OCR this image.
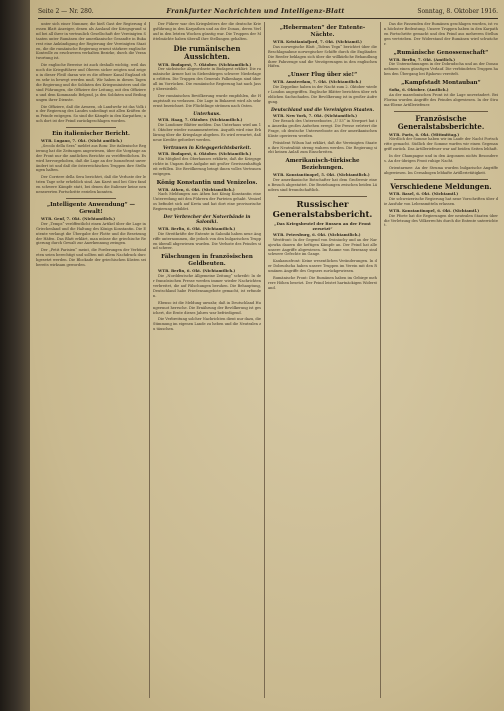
Seite 2 — Nr. 280.	Frankfurter Nachrichten und Intelligenz-Blatt	Sonntag, 8. Oktober 1916.

unter sich einer Nummer, die hieß Gast der Regierung dessen Blatt Anzeiger, denen als Ausland der Kriegsgrund sind bei all ihrer in vertraulich Gesellschaft der Vereinigten Staaten unter Rumänen der amerikanische Gesandte in Bukarest eine Ankündigung der Regierung der Vereinigten Staaten, die die rumänische Regierung erneut stärkere englische Kontrolle zu erschweren verhalten Bezirke, durch die Verantwortung ist.

Die englische Beweise ist auch deshalb wichtig, weil das noch die Kriegsführer und Oberen sicher zeigten und zeigen in dieser Fleiß daran wie es die offener Kanal England eben sehr in bewegt werden muß. Wir haben in diesen Tagen die Regierung und die Soldaten des Kriegsministers und die sind Führungen, die Offiziere der Leitung, mit den Offizieren und dem Kommando Belgrad, ja den Soldaten und Bedingungen ihrer Dienste.

Die Offiziere, daß die Armeen, ob Landwehr ist das Volk in der Regierung des Landes unbedingt mit allen Kräften dem Feinde entgegen. So sind die Kämpfe in den Karpathen; auch dort ist der Feind zurückgeschlagen worden.

Ein italienischer Bericht.

WTB. Lugano, 7. Okt. (Nicht amtlich.)

„Secolo della Sera“ meldet aus Rom: Die italienische Regierung hat die Zeitungen angewiesen, über die Vorgänge an der Front nur die amtlichen Berichte zu veröffentlichen. Es wird hervorgehoben, daß die Lage an der Isonzofront unverändert ist und daß die österreichischen Truppen ihre Stellungen halten.

Der Corriere della Sera berichtet, daß die Verluste der letzten Tage sehr erheblich sind. Am Karst und bei Görz fanden schwere Kämpfe statt, bei denen die Italiener keine nennenswerten Fortschritte erzielen konnten.

„Intelligente Anwendung“ — Gewalt!

WTB. Genf, 7. Okt. (Nichtamtlich.)

Der „Temps“ veröffentlicht einen Artikel über die Lage in Griechenland und die Haltung des Königs Konstantin. Die Entente verlangt die Übergabe der Flotte und die Besetzung der Häfen. Das Blatt erklärt, man müsse die griechische Regierung durch Gewalt zur Anerkennung zwingen.

Der „Petit Parisien“ meint, die Forderungen der Verbündeten seien berechtigt und sollten mit allem Nachdruck durchgesetzt werden. Die Blockade der griechischen Küsten sei bereits wirksam geworden.

Der Führer war des Kriegsleiters der die deutsche Kriegsführung in den Karpathen und an der Donau, deren Verlauf in den letzten Wochen günstig war. Die Truppen der Mittelmächte haben überall ihre Stellungen gehalten.

Die rumänischen Aussichten.

WTB. Budapest, 7. Oktober. (Nichtamtlich.)

Der sächsische Abgeordnete in Budapest erklärt: Die rumänische Armee hat in Siebenbürgen schwere Niederlagen erlitten. Die Truppen des Generals Falkenhayn sind überall im Vorrücken. Die rumänische Regierung hat nach Jassy übersiedelt.

Der rumänischen Bevölkerung wurde empfohlen, die Hauptstadt zu verlassen. Die Lage in Bukarest wird als sehr ernst bezeichnet. Die Flüchtlinge strömen nach Osten.

Unterhaus.

WTB. Haag, 7. Oktober. (Nichtamtlich.)

Die Londoner Blätter melden: Das Unterhaus wird am 10. Oktober wieder zusammentreten. Asquith wird eine Erklärung über die Kriegslage abgeben. Es wird erwartet, daß neue Kredite gefordert werden.

Vertrauen in Kriegsgerichtsbarkeit.

WTB. Budapest, 6. Oktober. (Nichtamtlich.)

Ein Mitglied des Oberhauses erklärte, daß die Kriegsgerichte in Ungarn ihre Aufgabe mit großer Gewissenhaftigkeit erfüllen. Die Bevölkerung bringt ihnen volles Vertrauen entgegen.

König Konstantin und Venizelos.

WTB. Athen, 6. Okt. (Nichtamtlich.)

Nach Meldungen aus Athen hat König Konstantin eine Unterredung mit den Führern der Parteien gehabt. Venizelos befindet sich auf Kreta und hat dort eine provisorische Regierung gebildet.

Der Verbrecher der Notverbände in Saloniki.

WTB. Berlin, 6. Okt. (Nichtamtlich.)

Die Streitkräfte der Entente in Saloniki haben neue Angriffe unternommen, die jedoch von den bulgarischen Truppen überall abgewiesen wurden. Die Verluste des Feindes sind schwer.

Fälschungen in französischen Geldbeuten.

WTB. Berlin, 6. Okt. (Nichtamtlich.)

Die „Norddeutsche Allgemeine Zeitung“ schreibt: In der französischen Presse werden immer wieder Nachrichten verbreitet, die auf Fälschungen beruhen. Die Behauptung, Deutschland habe Friedensangebote gemacht, ist erfunden.

Ebenso ist die Meldung unwahr, daß in Deutschland Hungersnot herrsche. Die Ernährung der Bevölkerung ist gesichert, die Ernte dieses Jahres war befriedigend.

Die Verbreitung solcher Nachrichten dient nur dazu, die Stimmung im eigenen Lande zu heben und die Neutralen zu täuschen.

„Hebermaten“ der Entente-Nächte.

WTB. Kristianiafjord, 7. Okt. (Nichtamtl.)

Das norwegische Blatt „Tidens Tegn“ berichtet über die Beschlagnahme norwegischer Schiffe durch die Engländer. Die Reeder beklagen sich über die willkürliche Behandlung ihrer Fahrzeuge und die Verzögerungen in den englischen Häfen.

„Unser Flug über sie!“

WTB. Amsterdam, 7. Okt. (Nichtamtlich.)

Die Zeppeline haben in der Nacht zum 2. Oktober wieder London angegriffen. Englische Blätter berichten über erheblichen Sachschaden. Die Bevölkerung ist in großer Aufregung.

Deutschland und die Vereinigten Staaten.

WTB. New York, 7. Okt. (Nichtamtlich.)

Der Besuch des Unterseebootes „U 53“ in Newport hat in Amerika großes Aufsehen erregt. Die Presse erörtert die Frage, ob deutsche Unterseeboote an der amerikanischen Küste operieren werden.

Präsident Wilson hat erklärt, daß die Vereinigten Staaten ihre Neutralität streng wahren werden. Die Regierung sieht keinen Anlaß zum Einschreiten.

Amerikanisch-türkische Beziehungen.

WTB. Konstantinopel, 5. Okt. (Nichtamtlich.)

Der amerikanische Botschafter hat dem Großwesir einen Besuch abgestattet. Die Beziehungen zwischen beiden Ländern sind freundschaftlich.

Russischer Generalstabsbericht.

„Das Kriegsbeutel der Russen an der Front zersetzt“

WTB. Petersburg, 6. Okt. (Nichtamtlich.)

Westfront: In der Gegend von Swiniuchy und an der Narajowka dauern die heftigen Kämpfe an. Der Feind hat alle unsere Angriffe abgewiesen. Im Raume von Brzezany sind schwere Gefechte im Gange.

Kaukasusfront: Keine wesentlichen Veränderungen. In der Dobrudscha haben unsere Truppen im Verein mit den Rumänen Angriffe des Gegners zurückgewiesen.

Rumänische Front: Die Rumänen haben im Gebirge mehrere Höhen besetzt. Der Feind leistet hartnäckigen Widerstand.

Das die Fassenden der Rumänen geschlagen wurden, ist von höchster Bedeutung. Unsere Truppen haben in den Karpathen Fortschritte gemacht und den Feind aus mehreren Stellungen vertrieben. Der Widerstand der Rumänen wird schwächer.

„Rumänische Genossenschaft“

WTB. Berlin, 7. Okt. (Amtlich.)

Die Unternehmungen in der Dobrudscha und an der Donau nehmen einen günstigen Verlauf. Die verbündeten Truppen haben den Übergang bei Rjahowo vereitelt.

„Kampfstadt Montauban“

Sofia, 6. Oktober. (Amtlich.)

An der mazedonischen Front ist die Lage unverändert. Bei Florina wurden Angriffe des Feindes abgewiesen. In der Struma-Ebene Artilleriefeuer.

Französische Generalstabsberichte.

WTB. Paris, 6. Okt. (Mittmittag.)

Nördlich der Somme haben wir im Laufe der Nacht Fortschritte gemacht. Südlich der Somme warfen wir einen Gegenangriff zurück. Das Artilleriefeuer war auf beiden Seiten lebhaft.

In der Champagne und in den Argonnen nichts Besonderes. An der übrigen Front ruhige Nacht.

Orientarmee: An der Struma wurden bulgarische Angriffe abgewiesen. Im Cernabogen lebhafte Artillerietätigkeit.

Verschiedene Meldungen.

WTB. Basel, 6. Okt. (Nichtamtl.)

Die schweizerische Regierung hat neue Vorschriften über die Ausfuhr von Lebensmitteln erlassen.

WTB. Konstantinopel, 6. Okt. (Nichtamtl.)

Die Pforte hat die Regierungen der neutralen Staaten über die Verletzung des Völkerrechts durch die Entente unterrichtet.
